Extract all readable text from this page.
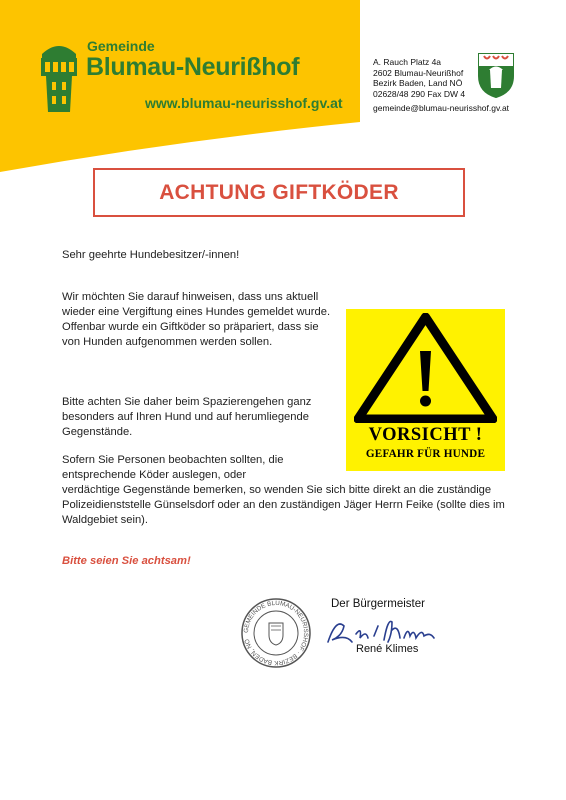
Gemeinde
Blumau-Neurißhof
www.blumau-neurisshof.gv.at
A. Rauch Platz 4a
2602 Blumau-Neurißhof
Bezirk Baden, Land NÖ
02628/48 290 Fax DW 4
gemeinde@blumau-neurisshof.gv.at
ACHTUNG GIFTKÖDER
Sehr geehrte Hundebesitzer/-innen!
Wir möchten Sie darauf hinweisen, dass uns aktuell wieder eine Vergiftung eines Hundes gemeldet wurde. Offenbar wurde ein Giftköder so präpariert, dass sie von Hunden aufgenommen werden sollen.
Bitte achten Sie daher beim Spazierengehen ganz besonders auf Ihren Hund und auf herumliegende Gegenstände.
Sofern Sie Personen beobachten sollten, die
entsprechende Köder auslegen, oder
verdächtige Gegenstände bemerken, so wenden Sie sich bitte direkt an die zuständige Polizeidienststelle Günselsdorf oder an den zuständigen Jäger Herrn Feike (sollte dies im Waldgebiet sein).
Bitte seien Sie achtsam!
VORSICHT !
GEFAHR FÜR HUNDE
GEMEINDE BLUMAU-NEURISSHOF · BEZIRK BADEN, NÖ
Der Bürgermeister
René Klimes
